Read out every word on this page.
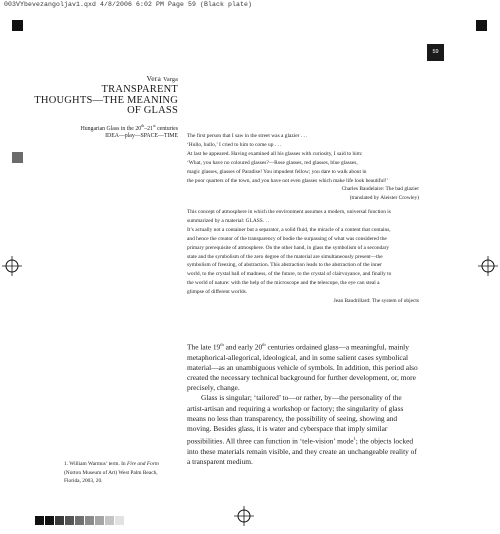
003VYbevezangoljav1.qxd 4/8/2006 6:02 PM Page 59 (Black plate)
59
Vera Varga
TRANSPARENT
THOUGHTS—THE MEANING
OF GLASS
Hungarian Glass in the 20th–21st centuries
IDEA—play—SPACE—TIME The first person that I saw in the street was a glazier . . .

‘Hullo, hullo,’ I cried to him to come up . . .

At last he appeared. Having examined all his glasses with curiosity, I said to him:

‘What, you have no coloured glasses?—Rose glasses, red glasses, blue glasses,

magic glasses, glasses of Paradise! You impudent fellow; you dare to walk about in

the poor quarters of the town, and you have not even glasses which make life look beautiful!’

Charles Baudelaire: The bad glazier

(translated by Aleister Crowley)

This concept of atmosphere in which the environment assumes a modern, universal function is

summarized by a material: GLASS. . .

It’s actually not a container but a separator, a solid fluid, the miracle of a content that contains,

and hence the creator of the transparency of bodie the surpassing of what was considered the

primary prerequisite of atmosphere. On the other hand, in glass the symbolism of a secondary

state and the symbolism of the zero degree of the material are simultaneously present—the

symbolism of freezing, of abstraction. This abstraction leads to the abstraction of the inner

world, to the crystal ball of madness, of the future, to the crystal of clairvoyance, and finally to

the world of nature: with the help of the microscope and the telescope, the eye can steal a

glimpse of different worlds.

Jean Baudrillard: The system of objects

The late 19th and early 20th centuries ordained glass—a meaningful, mainly metaphorical-allegorical, ideological, and in some salient cases symbolical material—as an unambiguous vehicle of symbols. In addition, this period also created the necessary technical background for further development, or, more precisely, change.

Glass is singular; ‘tailored’ to—or rather, by—the personality of the artist-artisan and requiring a workshop or factory; the singularity of glass means no less than transparency, the possibility of seeing, showing and moving. Besides glass, it is water and cyberspace that imply similar possibilities. All three can function in ‘tele-vision’ mode$^1$; the objects locked into these materials remain visible, and they create an unchangeable reality of a transparent medium.

1. William Warmus’ term. In Fire and Form (Norton Museum of Art) West Palm Beach, Florida, 2003, 20.
